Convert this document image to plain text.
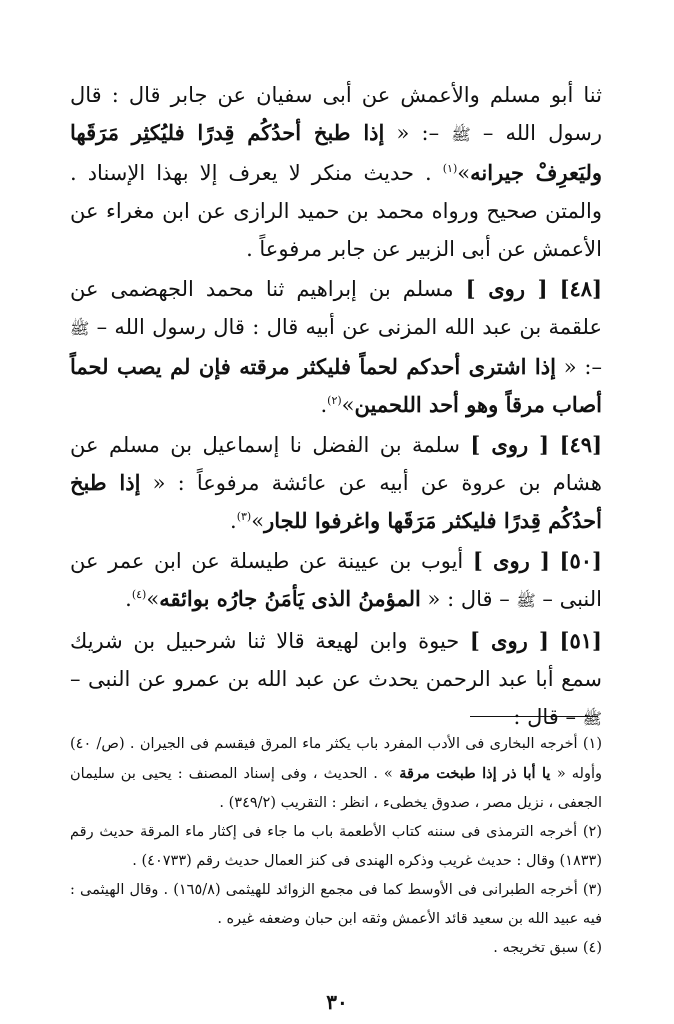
ثنا أبو مسلم والأعمش عن أبى سفيان عن جابر قال : قال رسول الله – ﷺ –: « إذا طبخ أحدُكُم قِدرًا فليُكثِر مَرَقَها وليَعرِفْ جيرانه»$^{(١)}$ . حديث منكر لا يعرف إلا بهذا الإسناد . والمتن صحيح ورواه محمد بن حميد الرازى عن ابن مغراء عن الأعمش عن أبى الزبير عن جابر مرفوعاً .

[٤٨] [ روى ] مسلم بن إبراهيم ثنا محمد الجهضمى عن علقمة بن عبد الله المزنى عن أبيه قال : قال رسول الله – ﷺ –: « إذا اشترى أحدكم لحماً فليكثر مرقته فإن لم يصب لحماً أصاب مرقاً وهو أحد اللحمين»$^{(٢)}$.

[٤٩] [ روى ] سلمة بن الفضل نا إسماعيل بن مسلم عن هشام بن عروة عن أبيه عن عائشة مرفوعاً : « إذا طبخ أحدُكُم قِدرًا فليكثر مَرَقَها واغرفوا للجار»$^{(٣)}$.

[٥٠] [ روى ] أيوب بن عيينة عن طيسلة عن ابن عمر عن النبى – ﷺ – قال : « المؤمنُ الذى يَأمَنُ جارُه بوائقه»$^{(٤)}$.

[٥١] [ روى ] حيوة وابن لهيعة قالا ثنا شرحبيل بن شريك سمع أبا عبد الرحمن يحدث عن عبد الله بن عمرو عن النبى – ﷺ – قال :

(١) أخرجه البخارى فى الأدب المفرد باب يكثر ماء المرق فيقسم فى الجيران . (ص/ ٤٠) وأوله « يا أبا ذر إذا طبخت مرقة » . الحديث ، وفى إسناد المصنف : يحيى بن سليمان الجعفى ، نزيل مصر ، صدوق يخطىء ، انظر : التقريب (٣٤٩/٢) .

(٢) أخرجه الترمذى فى سننه كتاب الأطعمة باب ما جاء فى إكثار ماء المرقة حديث رقم (١٨٣٣) وقال : حديث غريب وذكره الهندى فى كنز العمال حديث رقم (٤٠٧٣٣) .

(٣) أخرجه الطبرانى فى الأوسط كما فى مجمع الزوائد للهيثمى (١٦٥/٨) . وقال الهيثمى : فيه عبيد الله بن سعيد قائد الأعمش وثقه ابن حبان وضعفه غيره .

(٤) سبق تخريجه .

٣٠
